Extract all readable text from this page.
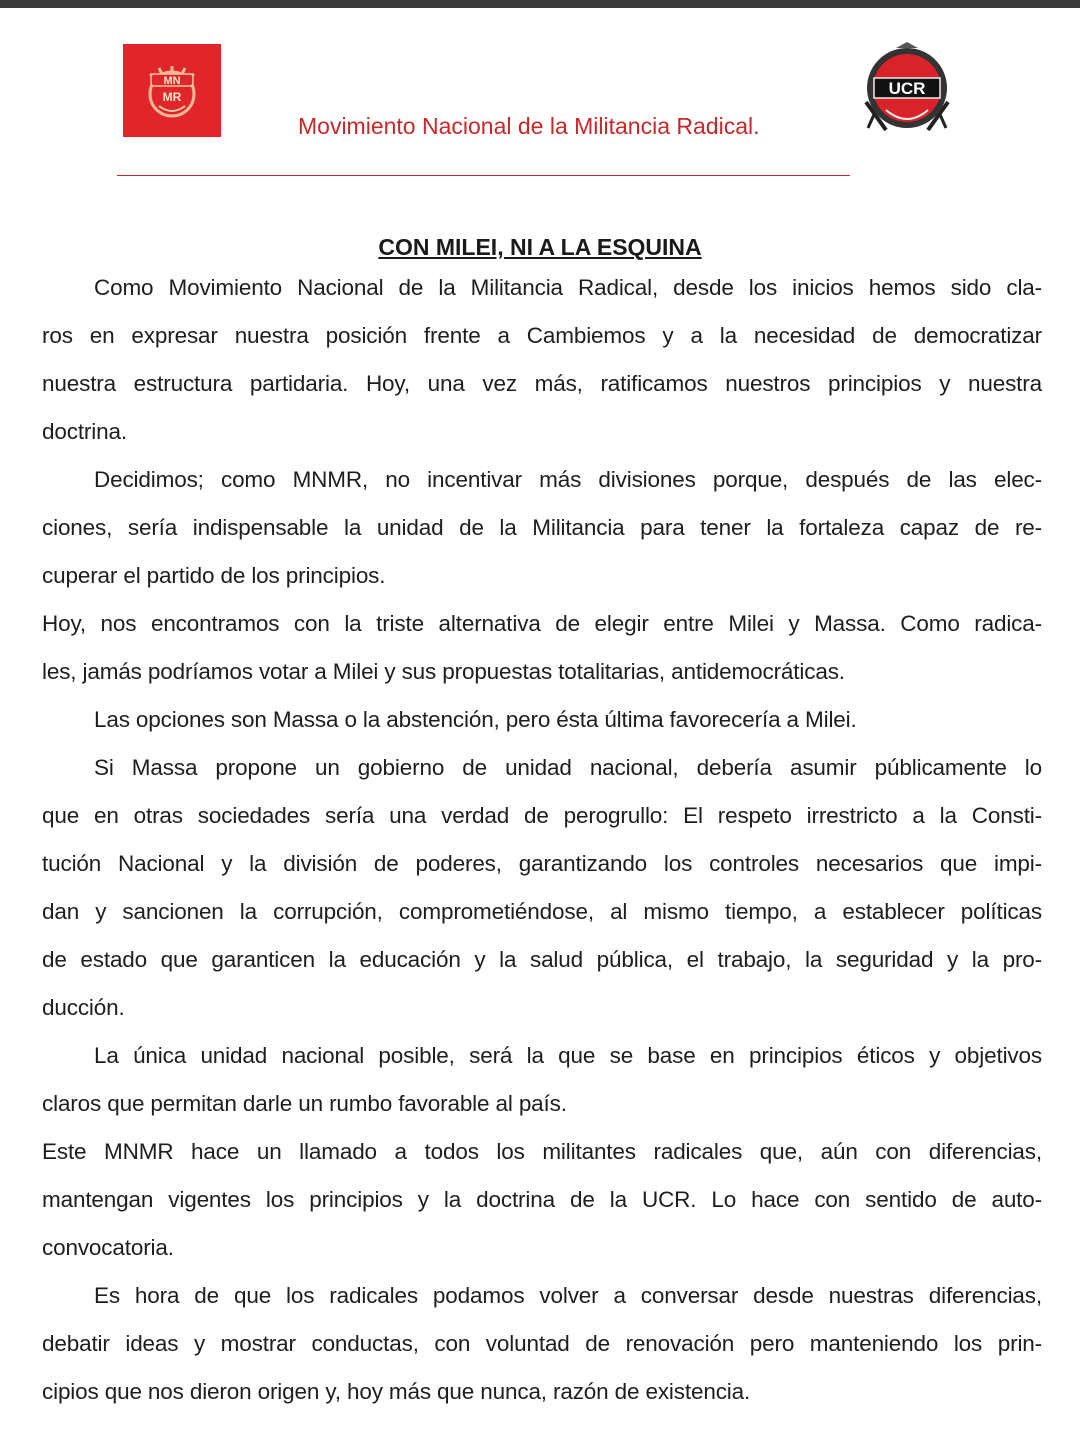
MN
MR
Movimiento Nacional de la Militancia Radical.
UCR
CON MILEI, NI A LA ESQUINA

Como Movimiento Nacional de la Militancia Radical, desde los inicios hemos sido cla-
ros en expresar nuestra posición frente a Cambiemos y a la necesidad de democratizar
nuestra estructura partidaria. Hoy, una vez más, ratificamos nuestros principios y nuestra
doctrina.

Decidimos; como MNMR, no incentivar más divisiones porque, después de las elec-
ciones, sería indispensable la unidad de la Militancia para tener la fortaleza capaz de re-
cuperar el partido de los principios.

Hoy, nos encontramos con la triste alternativa de elegir entre Milei y Massa. Como radica-
les, jamás podríamos votar a Milei y sus propuestas totalitarias, antidemocráticas.

Las opciones son Massa o la abstención, pero ésta última favorecería a Milei.

Si Massa propone un gobierno de unidad nacional, debería asumir públicamente lo
que en otras sociedades sería una verdad de perogrullo: El respeto irrestricto a la Consti-
tución Nacional y la división de poderes, garantizando los controles necesarios que impi-
dan y sancionen la corrupción, comprometiéndose, al mismo tiempo, a establecer políticas
de estado que garanticen la educación y la salud pública, el trabajo, la seguridad y la pro-
ducción.

La única unidad nacional posible, será la que se base en principios éticos y objetivos
claros que permitan darle un rumbo favorable al país.

Este MNMR hace un llamado a todos los militantes radicales que, aún con diferencias,
mantengan vigentes los principios y la doctrina de la UCR. Lo hace con sentido de auto-
convocatoria.

Es hora de que los radicales podamos volver a conversar desde nuestras diferencias,
debatir ideas y mostrar conductas, con voluntad de renovación pero manteniendo los prin-
cipios que nos dieron origen y, hoy más que nunca, razón de existencia.
